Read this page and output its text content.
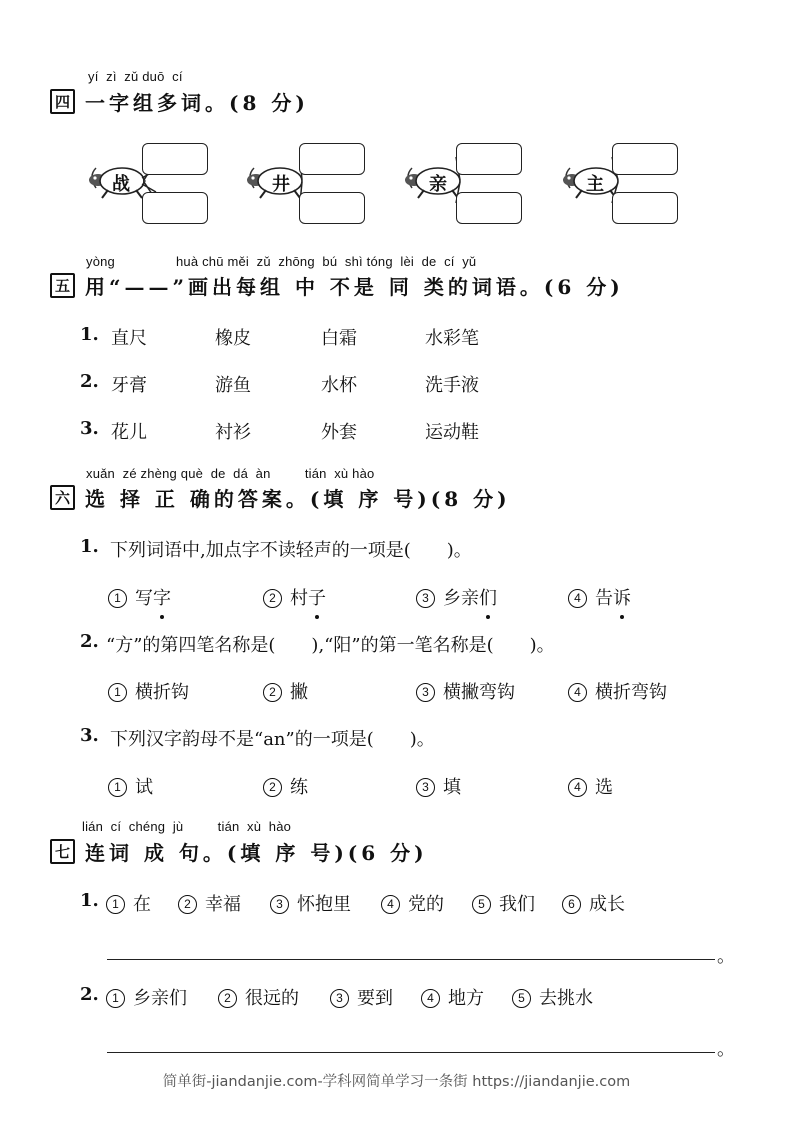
yí  zì  zǔ duō  cí
四 一字组多词。(8 分)
战	井	亲	主
yòng                huà chū měi  zǔ  zhōng  bú  shì tóng  lèi  de  cí  yǔ
五 用“——”画出每组 中 不是 同 类的词语。(6 分)
1. 直尺	橡皮	白霜	水彩笔
2. 牙膏	游鱼	水杯	洗手液
3. 花儿	衬衫	外套	运动鞋
xuǎn  zé zhèng què  de  dá  àn         tián  xù hào
六 选 择 正 确的答案。(填 序 号)(8 分)
1. 下列词语中,加点字不读轻声的一项是(　　)。
1 写字	2 村子	3 乡亲们	4 告诉
2. “方”的第四笔名称是(　　),“阳”的第一笔名称是(　　)。
1 横折钩	2 撇	3 横撇弯钩	4 横折弯钩
3. 下列汉字韵母不是“an”的一项是(　　)。
1 试	2 练	3 填	4 选
lián  cí  chéng  jù         tián  xù  hào
七 连词 成 句。(填 序 号)(6 分)
1.	1 在	2 幸福	3 怀抱里	4 党的	5 我们	6 成长
。
2.	1 乡亲们	2 很远的	3 要到	4 地方	5 去挑水
。
简单街-jiandanjie.com-学科网简单学习一条街 https://jiandanjie.com
